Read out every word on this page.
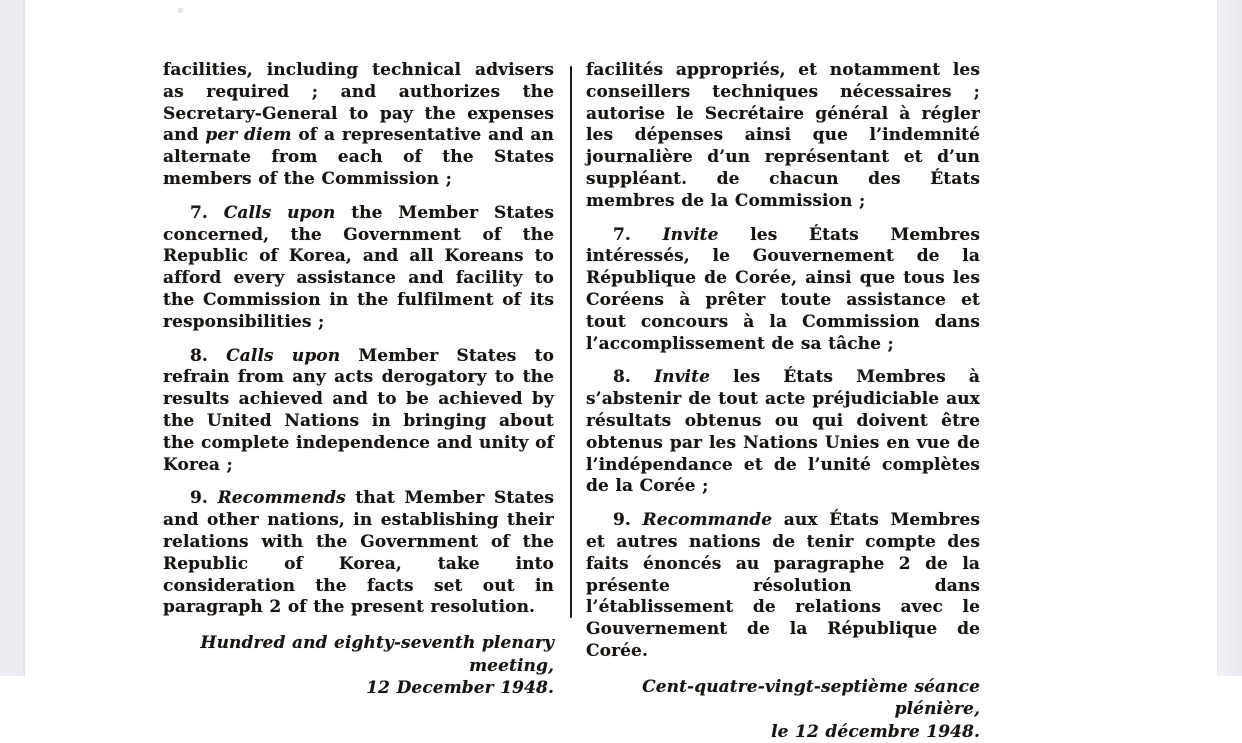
facilities, including technical advisers as required ; and authorizes the Secretary-General to pay the expenses and per diem of a representative and an alternate from each of the States members of the Commission ;

7. Calls upon the Member States concerned, the Government of the Republic of Korea, and all Koreans to afford every assistance and facility to the Commission in the fulfilment of its responsibilities ;

8. Calls upon Member States to refrain from any acts derogatory to the results achieved and to be achieved by the United Nations in bringing about the complete independence and unity of Korea ;

9. Recommends that Member States and other nations, in establishing their relations with the Government of the Republic of Korea, take into consideration the facts set out in paragraph 2 of the present resolution.

Hundred and eighty-seventh plenary meeting,
12 December 1948.

facilités appropriés, et notamment les conseillers techniques nécessaires ; autorise le Secrétaire général à régler les dépenses ainsi que l’indemnité journalière d’un représentant et d’un suppléant. de chacun des États membres de la Commission ;

7. Invite les États Membres intéressés, le Gouvernement de la République de Corée, ainsi que tous les Coréens à prêter toute assistance et tout concours à la Commission dans l’accomplissement de sa tâche ;

8. Invite les États Membres à s’abstenir de tout acte préjudiciable aux résultats obtenus ou qui doivent être obtenus par les Nations Unies en vue de l’indépendance et de l’unité complètes de la Corée ;

9. Recommande aux États Membres et autres nations de tenir compte des faits énoncés au paragraphe 2 de la présente résolution dans l’établissement de relations avec le Gouvernement de la République de Corée.

Cent-quatre-vingt-septième séance plénière,
le 12 décembre 1948.
